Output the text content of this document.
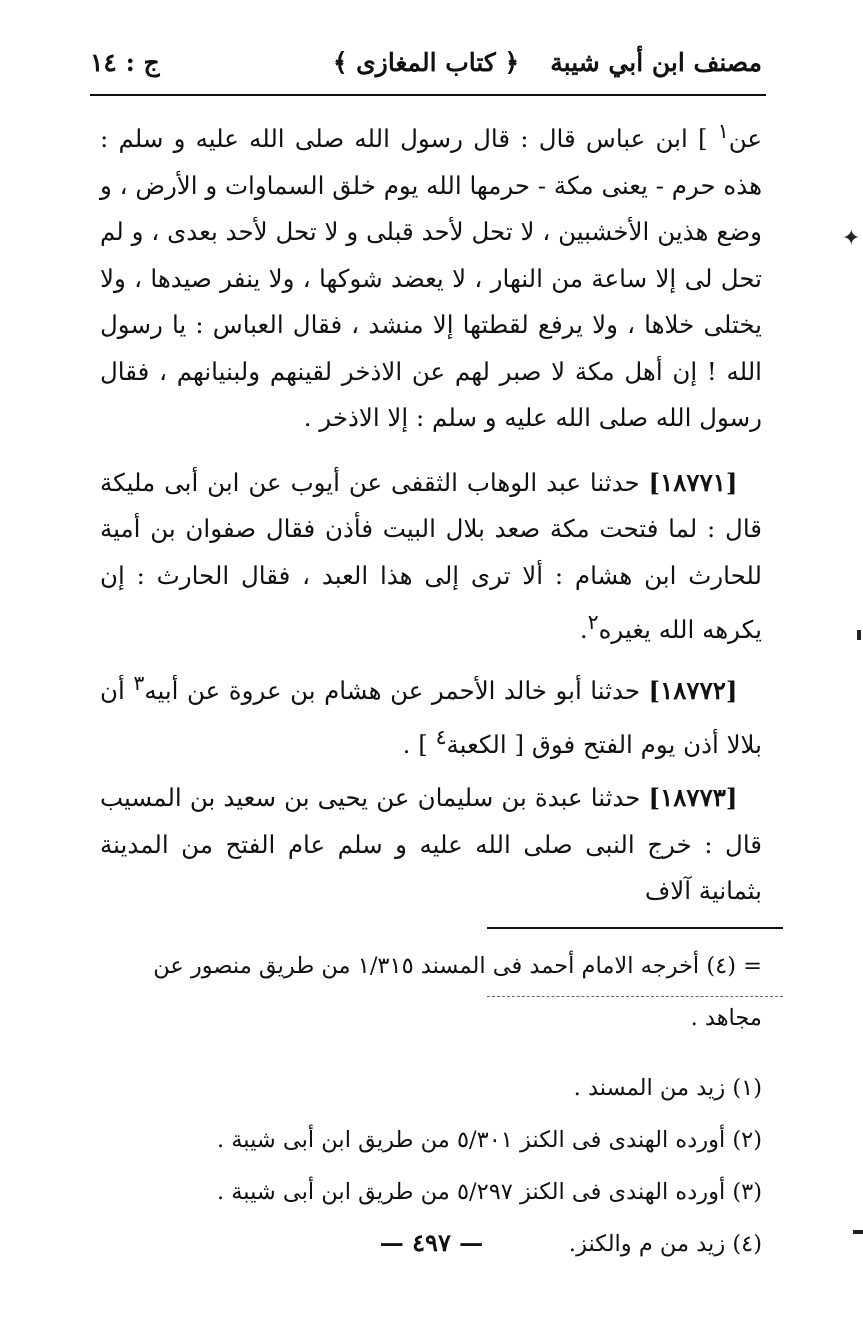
مصنف ابن أبي شيبة
﴿ كتاب المغازى ﴾
ج : ١٤

عن$^١$ ] ابن عباس قال : قال رسول الله صلى الله عليه و سلم : هذه حرم - يعنى مكة - حرمها الله يوم خلق السماوات و الأرض ، و وضع هذين الأخشبين ، لا تحل لأحد قبلى و لا تحل لأحد بعدى ، و لم تحل لى إلا ساعة من النهار ، لا يعضد شوكها ، ولا ينفر صيدها ، ولا يختلى خلاها ، ولا يرفع لقطتها إلا منشد ، فقال العباس : يا رسول الله ! إن أهل مكة لا صبر لهم عن الاذخر لقينهم ولبنيانهم ، فقال رسول الله صلى الله عليه و سلم : إلا الاذخر .

 [١٨٧٧١] حدثنا عبد الوهاب الثقفى عن أيوب عن ابن أبى مليكة قال : لما فتحت مكة صعد بلال البيت فأذن فقال صفوان بن أمية للحارث ابن هشام : ألا ترى إلى هذا العبد ، فقال الحارث : إن يكرهه الله يغيره$^٢$.

 [١٨٧٧٢] حدثنا أبو خالد الأحمر عن هشام بن عروة عن أبيه$^٣$ أن بلالا أذن يوم الفتح فوق [ الكعبة$^٤$ ] .

 [١٨٧٧٣] حدثنا عبدة بن سليمان عن يحيى بن سعيد بن المسيب قال : خرج النبى صلى الله عليه و سلم عام الفتح من المدينة بثمانية آلاف

= (٤) أخرجه الامام أحمد فى المسند ١/٣١٥ من طريق منصور عن مجاهد .

(١) زيد من المسند .

(٢) أورده الهندى فى الكنز ٥/٣٠١ من طريق ابن أبى شيبة .

(٣) أورده الهندى فى الكنز ٥/٢٩٧ من طريق ابن أبى شيبة .

(٤) زيد من م والكنز.

— ٤٩٧ —
✦
